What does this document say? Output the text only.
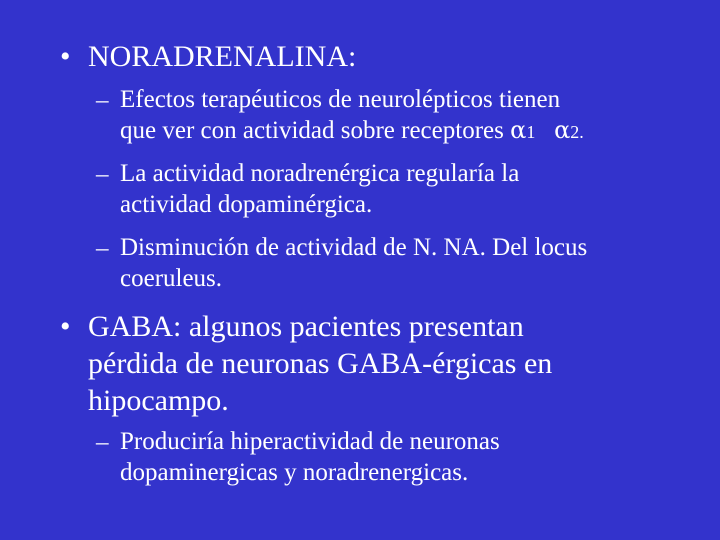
• NORADRENALINA:
– Efectos terapéuticos de neurolépticos tienen
que ver con actividad sobre receptores α1 α2.
– La actividad noradrenérgica regularía la
actividad dopaminérgica.
– Disminución de actividad de N. NA. Del locus
coeruleus.
• GABA: algunos pacientes presentan
pérdida de neuronas GABA-érgicas en
hipocampo.
– Produciría hiperactividad de neuronas
dopaminergicas y noradrenergicas.
